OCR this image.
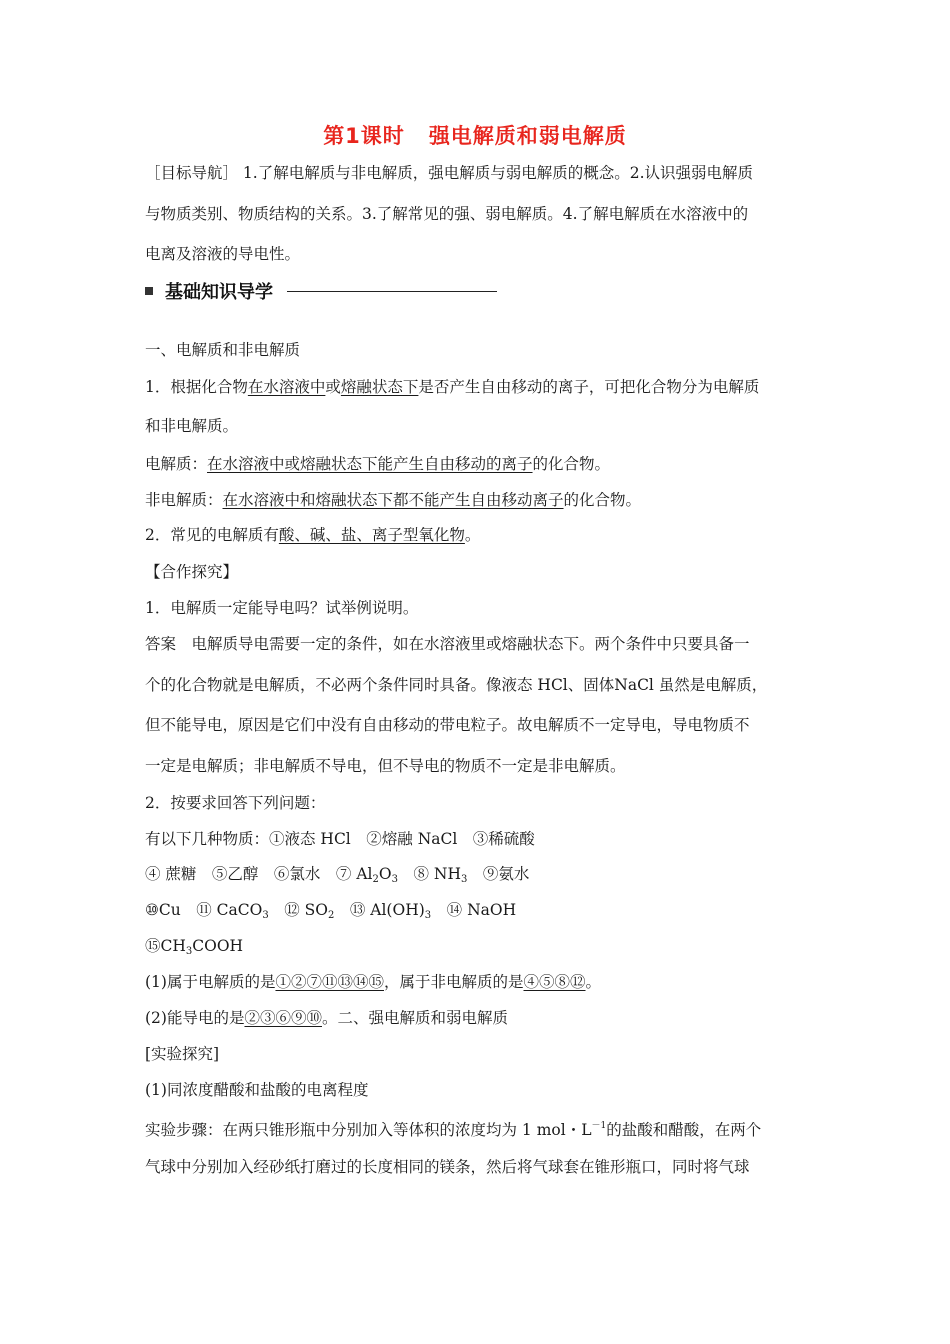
第1课时 强电解质和弱电解质
［目标导航］ 1.了解电解质与非电解质，强电解质与弱电解质的概念。2.认识强弱电解质
与物质类别、物质结构的关系。3.了解常见的强、弱电解质。4.了解电解质在水溶液中的
电离及溶液的导电性。
基础知识导学
一、电解质和非电解质
1．根据化合物在水溶液中或熔融状态下是否产生自由移动的离子，可把化合物分为电解质
和非电解质。
电解质：在水溶液中或熔融状态下能产生自由移动的离子的化合物。
非电解质：在水溶液中和熔融状态下都不能产生自由移动离子的化合物。
2．常见的电解质有酸、碱、盐、离子型氧化物。
【合作探究】
1．电解质一定能导电吗？试举例说明。
答案　电解质导电需要一定的条件，如在水溶液里或熔融状态下。两个条件中只要具备一
个的化合物就是电解质，不必两个条件同时具备。像液态 HCl、固体NaCl 虽然是电解质，
但不能导电，原因是它们中没有自由移动的带电粒子。故电解质不一定导电，导电物质不
一定是电解质；非电解质不导电，但不导电的物质不一定是非电解质。
2．按要求回答下列问题：
有以下几种物质：①液态 HCl　②熔融 NaCl　③稀硫酸
④ 蔗糖　⑤乙醇　⑥氯水　⑦ $Al_2O_3$　⑧ $NH_3$　⑨氨水
⑩Cu　⑪ CaCO$_3$　⑫ $SO_2$　⑬ $Al(OH)_3$　⑭ NaOH
$⑮CH_3COOH$
(1)属于电解质的是①②⑦⑪⑬⑭⑮，属于非电解质的是④⑤⑧⑫。
(2)能导电的是②③⑥⑨⑩。二、强电解质和弱电解质
[实验探究]
(1)同浓度醋酸和盐酸的电离程度
实验步骤：在两只锥形瓶中分别加入等体积的浓度均为 1 mol・$L^{-1}$的盐酸和醋酸，在两个
气球中分别加入经砂纸打磨过的长度相同的镁条，然后将气球套在锥形瓶口，同时将气球
